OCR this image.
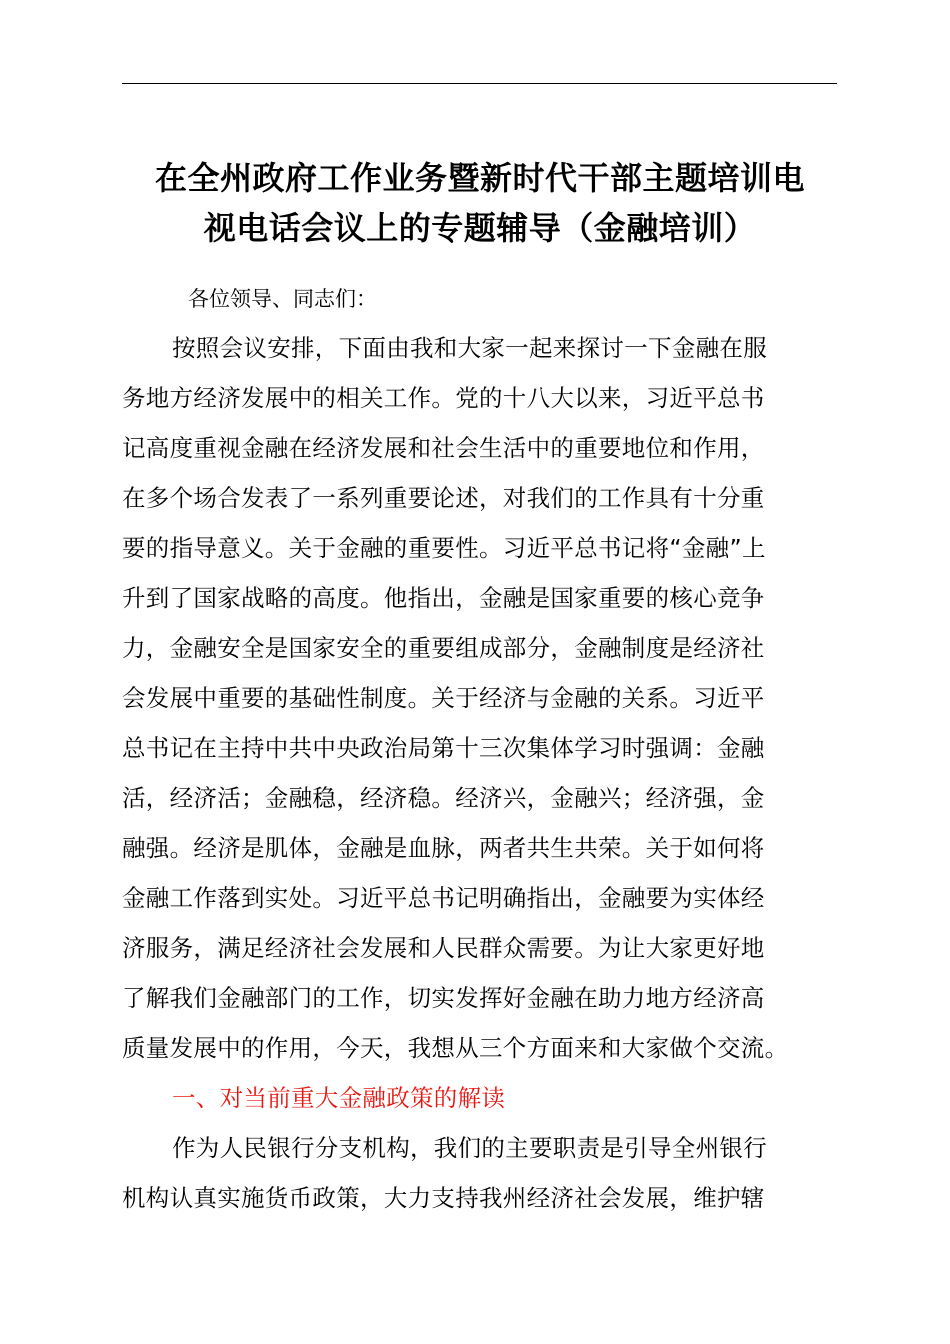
在全州政府工作业务暨新时代干部主题培训电
视电话会议上的专题辅导（金融培训）
各位领导、同志们：
按照会议安排，下面由我和大家一起来探讨一下金融在服
务地方经济发展中的相关工作。党的十八大以来，习近平总书
记高度重视金融在经济发展和社会生活中的重要地位和作用，
在多个场合发表了一系列重要论述，对我们的工作具有十分重
要的指导意义。关于金融的重要性。习近平总书记将“金融”上
升到了国家战略的高度。他指出，金融是国家重要的核心竞争
力，金融安全是国家安全的重要组成部分，金融制度是经济社
会发展中重要的基础性制度。关于经济与金融的关系。习近平
总书记在主持中共中央政治局第十三次集体学习时强调：金融
活，经济活；金融稳，经济稳。经济兴，金融兴；经济强，金
融强。经济是肌体，金融是血脉，两者共生共荣。关于如何将
金融工作落到实处。习近平总书记明确指出，金融要为实体经
济服务，满足经济社会发展和人民群众需要。为让大家更好地
了解我们金融部门的工作，切实发挥好金融在助力地方经济高
质量发展中的作用，今天，我想从三个方面来和大家做个交流。
一、对当前重大金融政策的解读
作为人民银行分支机构，我们的主要职责是引导全州银行
机构认真实施货币政策，大力支持我州经济社会发展，维护辖
